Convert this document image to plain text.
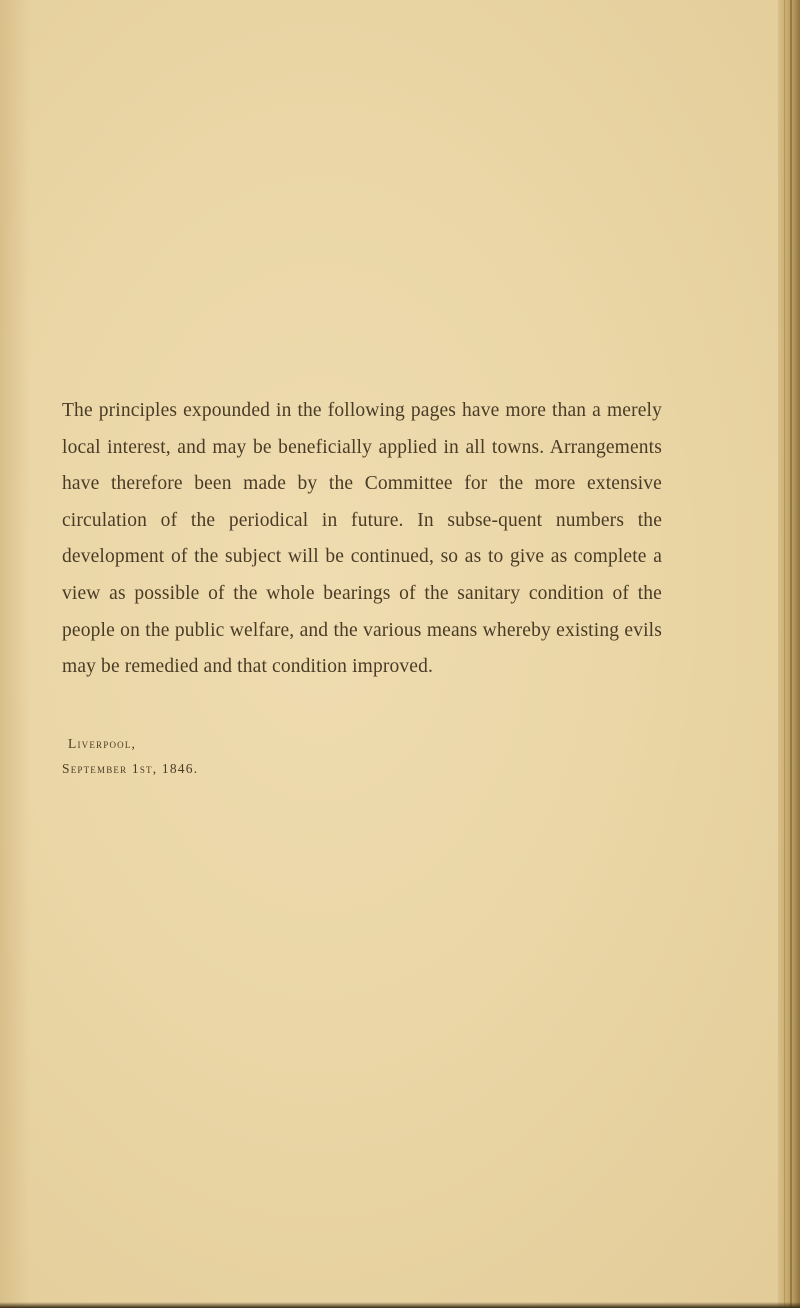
The principles expounded in the following pages have more than a merely local interest, and may be beneficially applied in all towns. Arrangements have therefore been made by the Committee for the more extensive circulation of the periodical in future. In subse-quent numbers the development of the subject will be continued, so as to give as complete a view as possible of the whole bearings of the sanitary condition of the people on the public welfare, and the various means whereby existing evils may be remedied and that condition improved.

Liverpool,
September 1st, 1846.
